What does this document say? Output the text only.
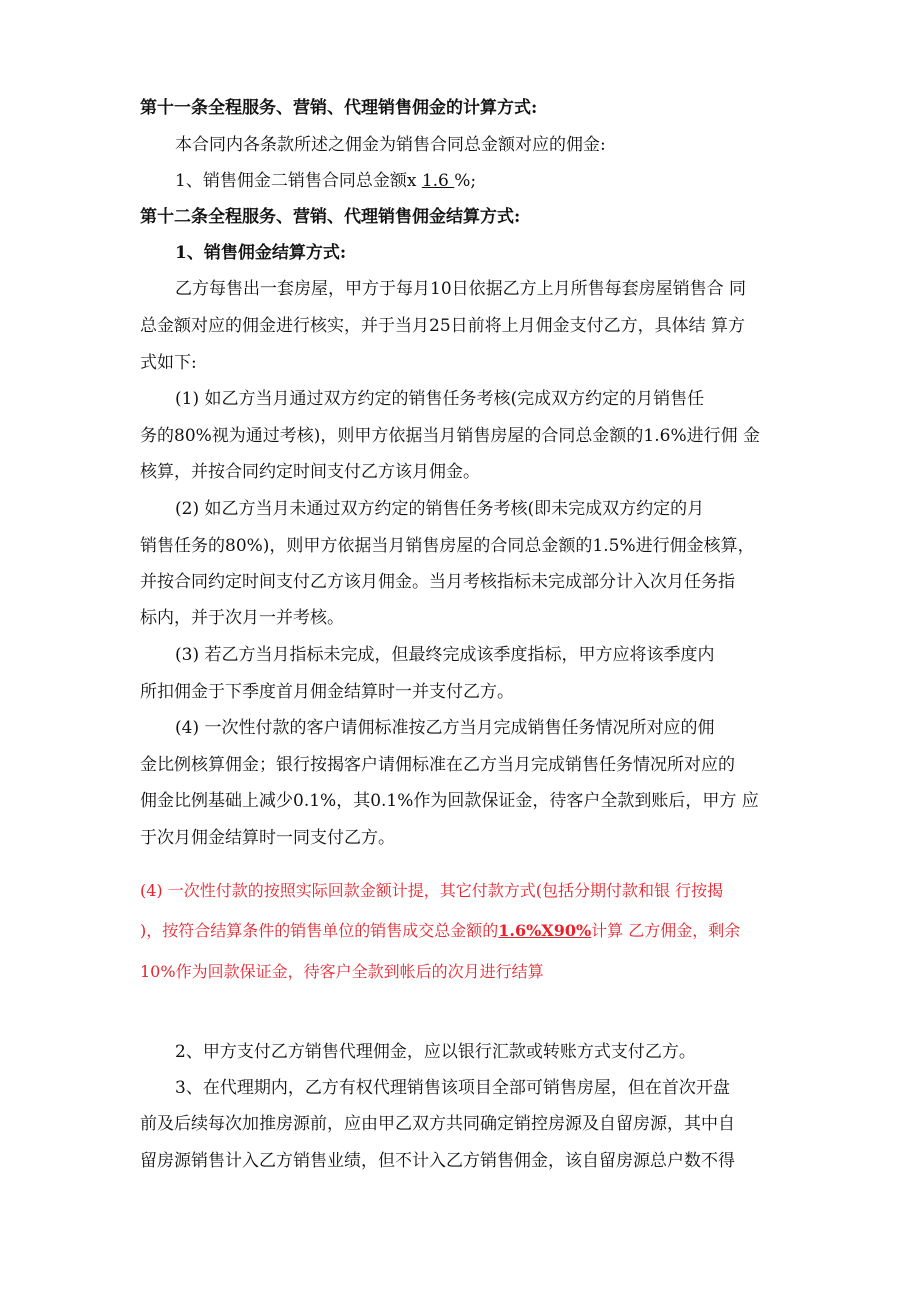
第十一条全程服务、营销、代理销售佣金的计算方式:
本合同内各条款所述之佣金为销售合同总金额对应的佣金:
1、销售佣金二销售合同总金额x 1.6 %;
第十二条全程服务、营销、代理销售佣金结算方式:
1、销售佣金结算方式:
乙方每售出一套房屋，甲方于每月10日依据乙方上月所售每套房屋销售合 同
总金额对应的佣金进行核实，并于当月25日前将上月佣金支付乙方，具体结 算方
式如下:
(1) 如乙方当月通过双方约定的销售任务考核(完成双方约定的月销售任
务的80%视为通过考核)，则甲方依据当月销售房屋的合同总金额的1.6%进行佣 金
核算，并按合同约定时间支付乙方该月佣金。
(2) 如乙方当月未通过双方约定的销售任务考核(即未完成双方约定的月
销售任务的80%)，则甲方依据当月销售房屋的合同总金额的1.5%进行佣金核算，
并按合同约定时间支付乙方该月佣金。当月考核指标未完成部分计入次月任务指
标内，并于次月一并考核。
(3) 若乙方当月指标未完成，但最终完成该季度指标，甲方应将该季度内
所扣佣金于下季度首月佣金结算时一并支付乙方。
(4) 一次性付款的客户请佣标准按乙方当月完成销售任务情况所对应的佣
金比例核算佣金；银行按揭客户请佣标准在乙方当月完成销售任务情况所对应的
佣金比例基础上减少0.1%，其0.1%作为回款保证金，待客户全款到账后，甲方 应
于次月佣金结算时一同支付乙方。
(4) 一次性付款的按照实际回款金额计提，其它付款方式(包括分期付款和银 行按揭
)，按符合结算条件的销售单位的销售成交总金额的1.6%X90%计算 乙方佣金，剩余
10%作为回款保证金，待客户全款到帐后的次月进行结算
2、甲方支付乙方销售代理佣金，应以银行汇款或转账方式支付乙方。
3、在代理期内，乙方有权代理销售该项目全部可销售房屋，但在首次开盘
前及后续每次加推房源前，应由甲乙双方共同确定销控房源及自留房源，其中自
留房源销售计入乙方销售业绩，但不计入乙方销售佣金，该自留房源总户数不得
